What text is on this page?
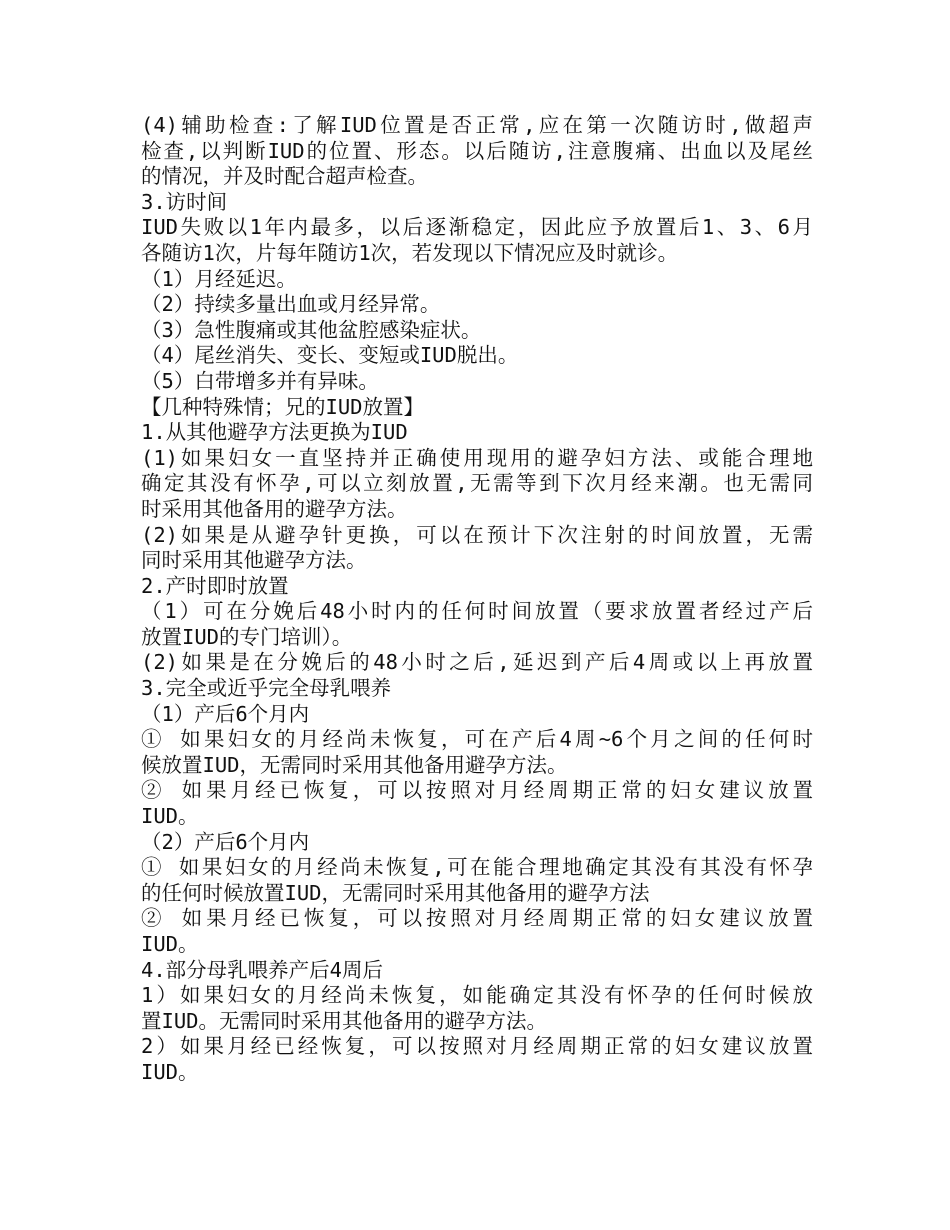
(4)辅助检查:了解IUD位置是否正常,应在第一次随访时,做超声
检查,以判断IUD的位置、形态。以后随访,注意腹痛、出血以及尾丝
的情况，并及时配合超声检查。
3.访时间
IUD失败以1年内最多，以后逐渐稳定，因此应予放置后1、3、6月
各随访1次，片每年随访1次，若发现以下情况应及时就诊。
（1）月经延迟。
（2）持续多量出血或月经异常。
（3）急性腹痛或其他盆腔感染症状。
（4）尾丝消失、变长、变短或IUD脱出。
（5）白带增多并有异味。
【几种特殊情；兄的IUD放置】
1.从其他避孕方法更换为IUD
(1)如果妇女一直坚持并正确使用现用的避孕妇方法、或能合理地
确定其没有怀孕,可以立刻放置,无需等到下次月经来潮。也无需同
时采用其他备用的避孕方法。
(2)如果是从避孕针更换，可以在预计下次注射的时间放置，无需
同时采用其他避孕方法。
2.产时即时放置
（1）可在分娩后48小时内的任何时间放置（要求放置者经过产后
放置IUD的专门培训）。
(2)如果是在分娩后的48小时之后,延迟到产后4周或以上再放置
3.完全或近乎完全母乳喂养
（1）产后6个月内
① 如果妇女的月经尚未恢复，可在产后4周~6个月之间的任何时
候放置IUD，无需同时采用其他备用避孕方法。
② 如果月经已恢复，可以按照对月经周期正常的妇女建议放置
IUD。
（2）产后6个月内
① 如果妇女的月经尚未恢复,可在能合理地确定其没有其没有怀孕
的任何时候放置IUD，无需同时采用其他备用的避孕方法
② 如果月经已恢复，可以按照对月经周期正常的妇女建议放置
IUD。
4.部分母乳喂养产后4周后
1）如果妇女的月经尚未恢复，如能确定其没有怀孕的任何时候放
置IUD。无需同时采用其他备用的避孕方法。
2）如果月经已经恢复，可以按照对月经周期正常的妇女建议放置
IUD。
